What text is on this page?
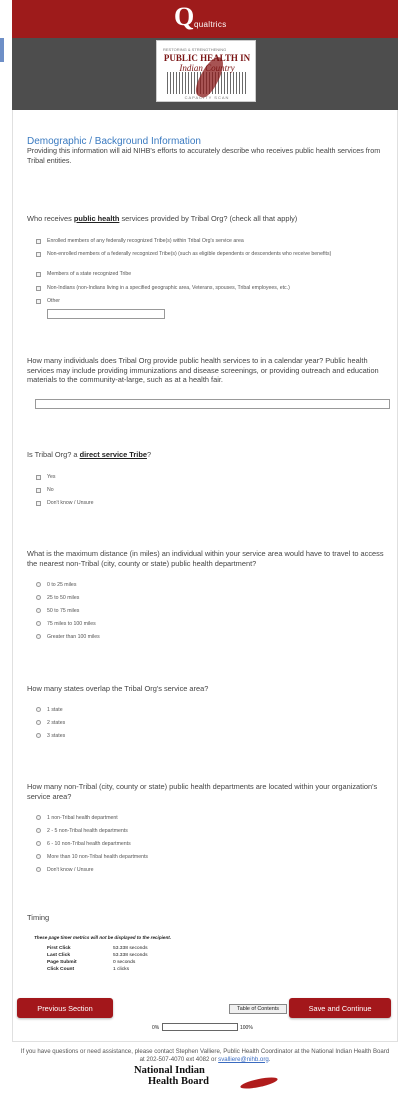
Q qualtrics
RESTORING & STRENGTHENING
PUBLIC HEALTH IN
Indian Country
CAPACITY SCAN
Demographic / Background Information
Providing this information will aid NIHB's efforts to accurately describe who receives public health services from Tribal entities.
Who receives public health services provided by Tribal Org? (check all that apply)
Enrolled members of any federally recognized Tribe(s) within Tribal Org's service area
Non-enrolled members of a federally recognized Tribe(s) (such as eligible dependents or descendents who receive benefits)
Members of a state recognized Tribe
Non-Indians (non-Indians living in a specified geographic area, Veterans, spouses, Tribal employees, etc.)
Other
How many individuals does Tribal Org provide public health services to in a calendar year? Public health services may include providing immunizations and disease screenings, or providing outreach and education materials to the community-at-large, such as at a health fair.
Is Tribal Org? a direct service Tribe?
Yes
No
Don't know / Unsure
What is the maximum distance (in miles) an individual within your service area would have to travel to access the nearest non-Tribal (city, county or state) public health department?
0 to 25 miles
25 to 50 miles
50 to 75 miles
75 miles to 100 miles
Greater than 100 miles
How many states overlap the Tribal Org's service area?
1 state
2 states
3 states
How many non-Tribal (city, county or state) public health departments are located within your organization's service area?
1 non-Tribal health department
2 - 5 non-Tribal health departments
6 - 10 non-Tribal health departments
More than 10 non-Tribal health departments
Don't know / Unsure
Timing
These page timer metrics will not be displayed to the recipient.
First Click	53.338 seconds
Last Click	53.338 seconds
Page Submit	0 seconds
Click Count	1 clicks
Previous Section	Table of Contents	Save and Continue
0%	100%
If you have questions or need assistance, please contact Stephen Valliere, Public Health Coordinator at the National Indian Health Board at 202-507-4070 ext 4082 or svalliere@nihb.org.
National Indian
Health Board
